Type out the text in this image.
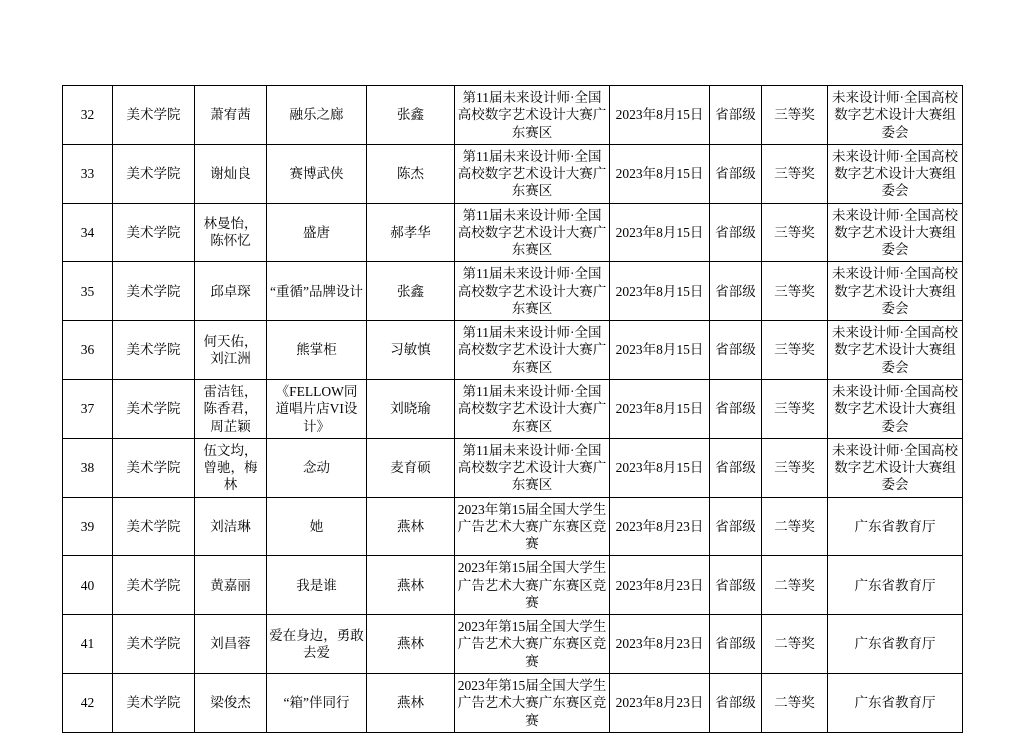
32	美术学院	萧宥茜	融乐之廊	张鑫	第11届未来设计师·全国高校数字艺术设计大赛广东赛区	2023年8月15日	省部级	三等奖	未来设计师·全国高校数字艺术设计大赛组委会
33	美术学院	谢灿良	赛博武侠	陈杰	第11届未来设计师·全国高校数字艺术设计大赛广东赛区	2023年8月15日	省部级	三等奖	未来设计师·全国高校数字艺术设计大赛组委会
34	美术学院	林曼怡，陈怀忆	盛唐	郝孝华	第11届未来设计师·全国高校数字艺术设计大赛广东赛区	2023年8月15日	省部级	三等奖	未来设计师·全国高校数字艺术设计大赛组委会
35	美术学院	邱卓琛	“重循”品牌设计	张鑫	第11届未来设计师·全国高校数字艺术设计大赛广东赛区	2023年8月15日	省部级	三等奖	未来设计师·全国高校数字艺术设计大赛组委会
36	美术学院	何天佑，刘江洲	熊掌柜	习敏慎	第11届未来设计师·全国高校数字艺术设计大赛广东赛区	2023年8月15日	省部级	三等奖	未来设计师·全国高校数字艺术设计大赛组委会
37	美术学院	雷洁钰，陈香君，周芷颖	《FELLOW同道唱片店VI设计》	刘晓瑜	第11届未来设计师·全国高校数字艺术设计大赛广东赛区	2023年8月15日	省部级	三等奖	未来设计师·全国高校数字艺术设计大赛组委会
38	美术学院	伍文均，曾驰，梅林	念动	麦育硕	第11届未来设计师·全国高校数字艺术设计大赛广东赛区	2023年8月15日	省部级	三等奖	未来设计师·全国高校数字艺术设计大赛组委会
39	美术学院	刘洁琳	她	燕林	2023年第15届全国大学生广告艺术大赛广东赛区竞赛	2023年8月23日	省部级	二等奖	广东省教育厅
40	美术学院	黄嘉丽	我是谁	燕林	2023年第15届全国大学生广告艺术大赛广东赛区竞赛	2023年8月23日	省部级	二等奖	广东省教育厅
41	美术学院	刘昌蓉	爱在身边，勇敢去爱	燕林	2023年第15届全国大学生广告艺术大赛广东赛区竞赛	2023年8月23日	省部级	二等奖	广东省教育厅
42	美术学院	梁俊杰	“箱”伴同行	燕林	2023年第15届全国大学生广告艺术大赛广东赛区竞赛	2023年8月23日	省部级	二等奖	广东省教育厅
